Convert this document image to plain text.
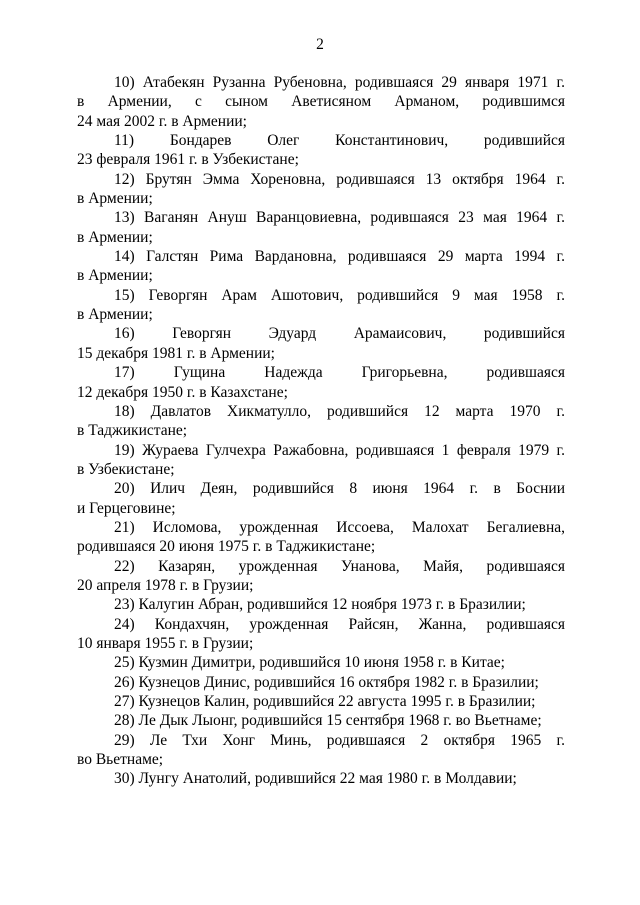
2
10) Атабекян Рузанна Рубеновна, родившаяся 29 января 1971 г.
в Армении, с сыном Аветисяном Арманом, родившимся
24 мая 2002 г. в Армении;
11) Бондарев Олег Константинович, родившийся
23 февраля 1961 г. в Узбекистане;
12) Брутян Эмма Хореновна, родившаяся 13 октября 1964 г.
в Армении;
13) Ваганян Ануш Варанцовиевна, родившаяся 23 мая 1964 г.
в Армении;
14) Галстян Рима Вардановна, родившаяся 29 марта 1994 г.
в Армении;
15) Геворгян Арам Ашотович, родившийся 9 мая 1958 г.
в Армении;
16) Геворгян Эдуард Арамаисович, родившийся
15 декабря 1981 г. в Армении;
17) Гущина Надежда Григорьевна, родившаяся
12 декабря 1950 г. в Казахстане;
18) Давлатов Хикматулло, родившийся 12 марта 1970 г.
в Таджикистане;
19) Жураева Гулчехра Ражабовна, родившаяся 1 февраля 1979 г.
в Узбекистане;
20) Илич Деян, родившийся 8 июня 1964 г. в Боснии
и Герцеговине;
21) Исломова, урожденная Иссоева, Малохат Бегалиевна,
родившаяся 20 июня 1975 г. в Таджикистане;
22) Казарян, урожденная Унанова, Майя, родившаяся
20 апреля 1978 г. в Грузии;
23) Калугин Абран, родившийся 12 ноября 1973 г. в Бразилии;
24) Кондахчян, урожденная Райсян, Жанна, родившаяся
10 января 1955 г. в Грузии;
25) Кузмин Димитри, родившийся 10 июня 1958 г. в Китае;
26) Кузнецов Динис, родившийся 16 октября 1982 г. в Бразилии;
27) Кузнецов Калин, родившийся 22 августа 1995 г. в Бразилии;
28) Ле Дык Лыонг, родившийся 15 сентября 1968 г. во Вьетнаме;
29) Ле Тхи Хонг Минь, родившаяся 2 октября 1965 г.
во Вьетнаме;
30) Лунгу Анатолий, родившийся 22 мая 1980 г. в Молдавии;
